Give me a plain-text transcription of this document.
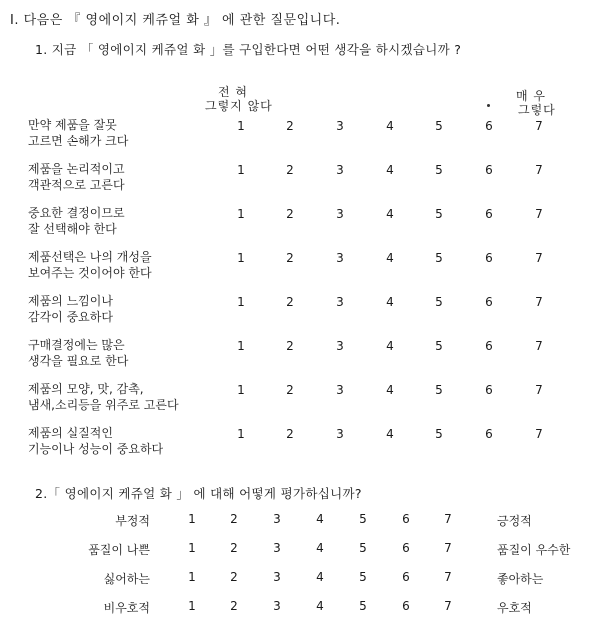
I. 다음은 『 영에이지 케쥬얼 화 』 에 관한 질문입니다.
1. 지금 「 영에이지 케쥬얼 화 」를 구입한다면 어떤 생각을 하시겠습니까 ?
전 혀
그렇지 않다
매 우
그렇다
만약 제품을 잘못
고르면 손해가 크다
1	2	3	4	5	6	7
제품을 논리적이고
객관적으로 고른다
1	2	3	4	5	6	7
중요한 결정이므로
잘 선택해야 한다
1	2	3	4	5	6	7
제품선택은 나의 개성을
보여주는 것이어야 한다
1	2	3	4	5	6	7
제품의 느낌이나
감각이 중요하다
1	2	3	4	5	6	7
구매결정에는 많은
생각을 필요로 한다
1	2	3	4	5	6	7
제품의 모양, 맛, 감촉,
냄새,소리등을 위주로 고른다
1	2	3	4	5	6	7
제품의 실질적인
기능이나 성능이 중요하다
1	2	3	4	5	6	7
2.「 영에이지 케쥬얼 화 」 에 대해 어떻게 평가하십니까?
부정적	1	2	3	4	5	6	7	긍정적
품질이 나쁜	1	2	3	4	5	6	7	품질이 우수한
싫어하는	1	2	3	4	5	6	7	좋아하는
비우호적	1	2	3	4	5	6	7	우호적
